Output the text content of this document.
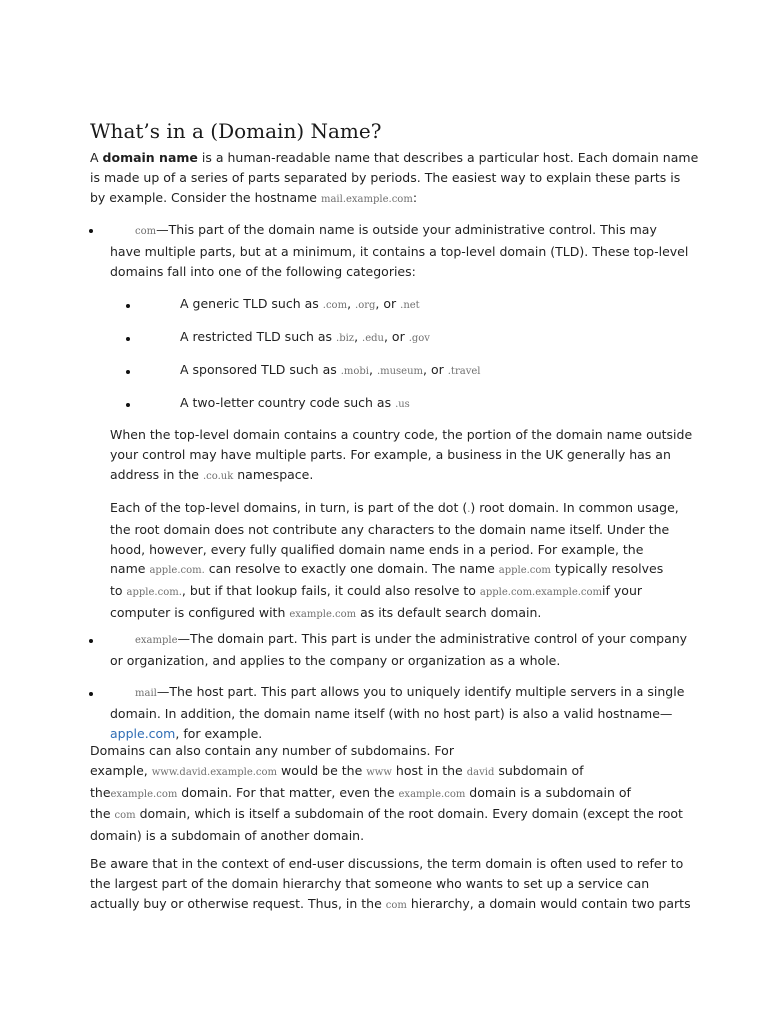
What’s in a (Domain) Name?

A domain name is a human-readable name that describes a particular host. Each domain name
is made up of a series of parts separated by periods. The easiest way to explain these parts is
by example. Consider the hostname mail.example.com:

com—This part of the domain name is outside your administrative control. This may
have multiple parts, but at a minimum, it contains a top-level domain (TLD). These top-level
domains fall into one of the following categories:

A generic TLD such as .com, .org, or .net

A restricted TLD such as .biz, .edu, or .gov

A sponsored TLD such as .mobi, .museum, or .travel

A two-letter country code such as .us

When the top-level domain contains a country code, the portion of the domain name outside
your control may have multiple parts. For example, a business in the UK generally has an
address in the .co.uk namespace.

Each of the top-level domains, in turn, is part of the dot (.) root domain. In common usage,
the root domain does not contribute any characters to the domain name itself. Under the
hood, however, every fully qualified domain name ends in a period. For example, the
name apple.com. can resolve to exactly one domain. The name apple.com typically resolves
to apple.com., but if that lookup fails, it could also resolve to apple.com.example.comif your
computer is configured with example.com as its default search domain.

example—The domain part. This part is under the administrative control of your company
or organization, and applies to the company or organization as a whole.

mail—The host part. This part allows you to uniquely identify multiple servers in a single
domain. In addition, the domain name itself (with no host part) is also a valid hostname—
apple.com, for example.

Domains can also contain any number of subdomains. For
example, www.david.example.com would be the www host in the david subdomain of
theexample.com domain. For that matter, even the example.com domain is a subdomain of
the com domain, which is itself a subdomain of the root domain. Every domain (except the root
domain) is a subdomain of another domain.

Be aware that in the context of end-user discussions, the term domain is often used to refer to
the largest part of the domain hierarchy that someone who wants to set up a service can
actually buy or otherwise request. Thus, in the com hierarchy, a domain would contain two parts
